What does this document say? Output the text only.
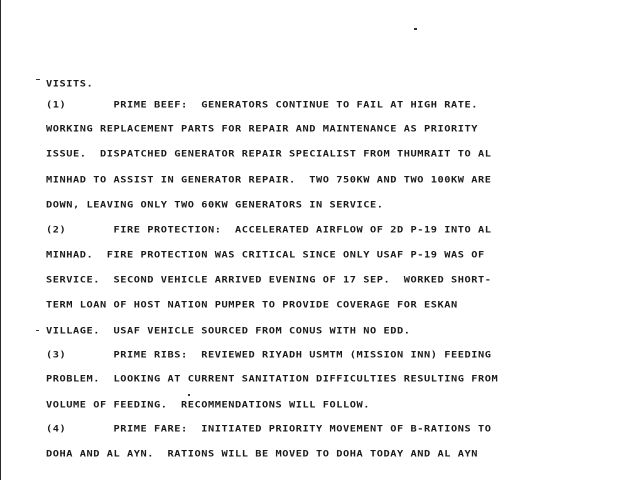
VISITS.
(1)       PRIME BEEF:  GENERATORS CONTINUE TO FAIL AT HIGH RATE.
WORKING REPLACEMENT PARTS FOR REPAIR AND MAINTENANCE AS PRIORITY
ISSUE.  DISPATCHED GENERATOR REPAIR SPECIALIST FROM THUMRAIT TO AL
MINHAD TO ASSIST IN GENERATOR REPAIR.  TWO 750KW AND TWO 100KW ARE
DOWN, LEAVING ONLY TWO 60KW GENERATORS IN SERVICE.
(2)       FIRE PROTECTION:  ACCELERATED AIRFLOW OF 2D P-19 INTO AL
MINHAD.  FIRE PROTECTION WAS CRITICAL SINCE ONLY USAF P-19 WAS OF
SERVICE.  SECOND VEHICLE ARRIVED EVENING OF 17 SEP.  WORKED SHORT-
TERM LOAN OF HOST NATION PUMPER TO PROVIDE COVERAGE FOR ESKAN
VILLAGE.  USAF VEHICLE SOURCED FROM CONUS WITH NO EDD.
(3)       PRIME RIBS:  REVIEWED RIYADH USMTM (MISSION INN) FEEDING
PROBLEM.  LOOKING AT CURRENT SANITATION DIFFICULTIES RESULTING FROM
VOLUME OF FEEDING.  RECOMMENDATIONS WILL FOLLOW.
(4)       PRIME FARE:  INITIATED PRIORITY MOVEMENT OF B-RATIONS TO
DOHA AND AL AYN.  RATIONS WILL BE MOVED TO DOHA TODAY AND AL AYN
